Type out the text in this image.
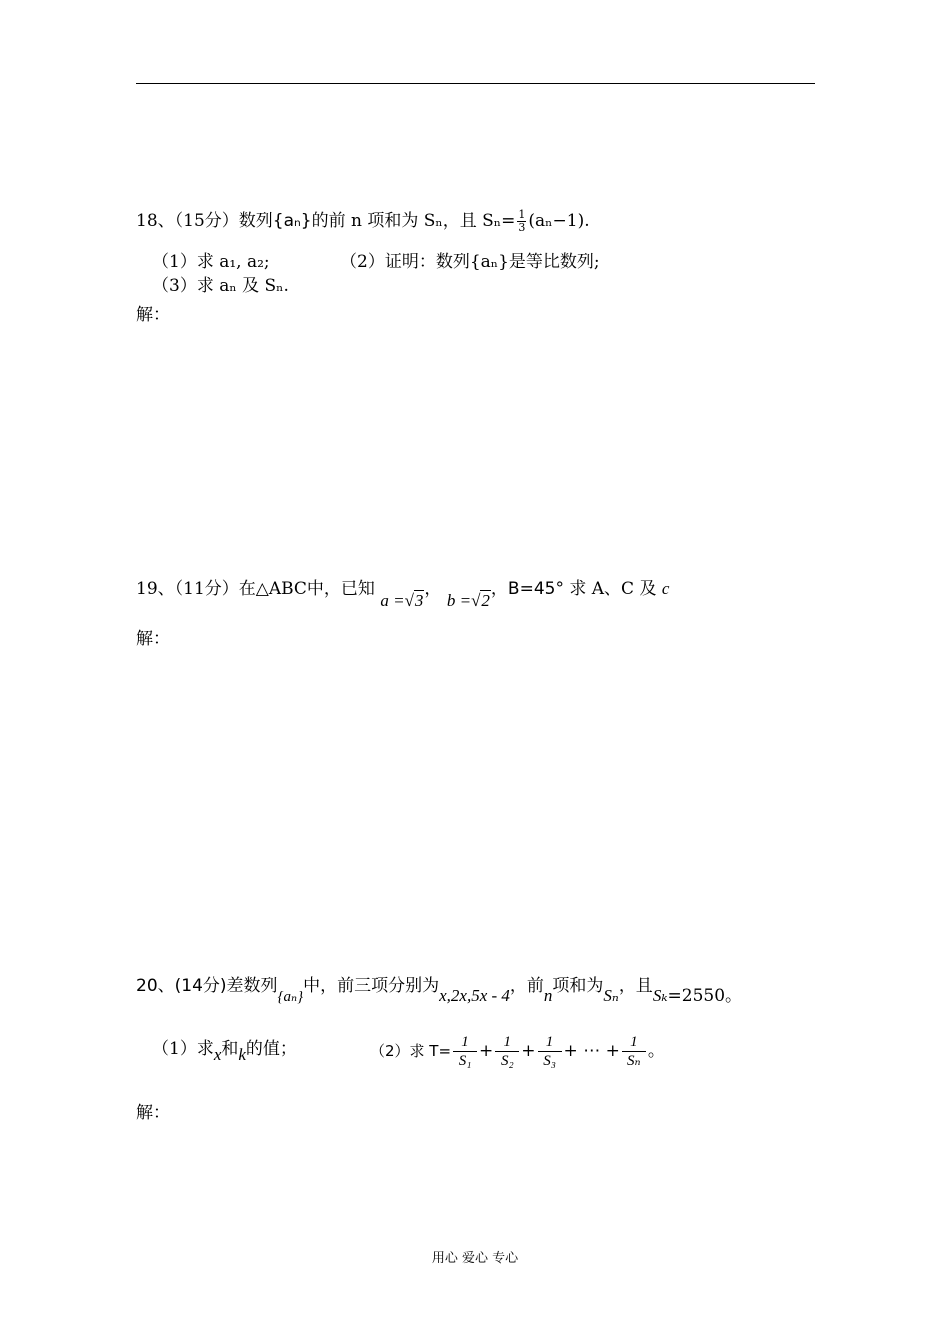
18、（15分）数列{aₙ}的前 n 项和为 Sₙ，且 $S_n= \frac{1}{3} (a_n-1)$.
（1）求 a₁, a₂;	（2）证明：数列{aₙ}是等比数列;
（3）求 aₙ 及 Sₙ.
解：
19、（11分）在△ABC中，已知 a =√3， b =√2，B=45° 求 A、C 及 c
解：
20、(14分)差数列{aₙ}中，前三项分别为x,2x,5x - 4，前n项和为Sₙ，且Sₖ=2550。
（1）求x和k的值；	（2）求 $T= \frac{1}{\text{S₁}} + \frac{1}{\text{S₂}} + \frac{1}{\text{S₃}}$ + ⋯ + $\frac{1}{\text{Sₙ}}$ 。
解：
用心 爱心 专心
